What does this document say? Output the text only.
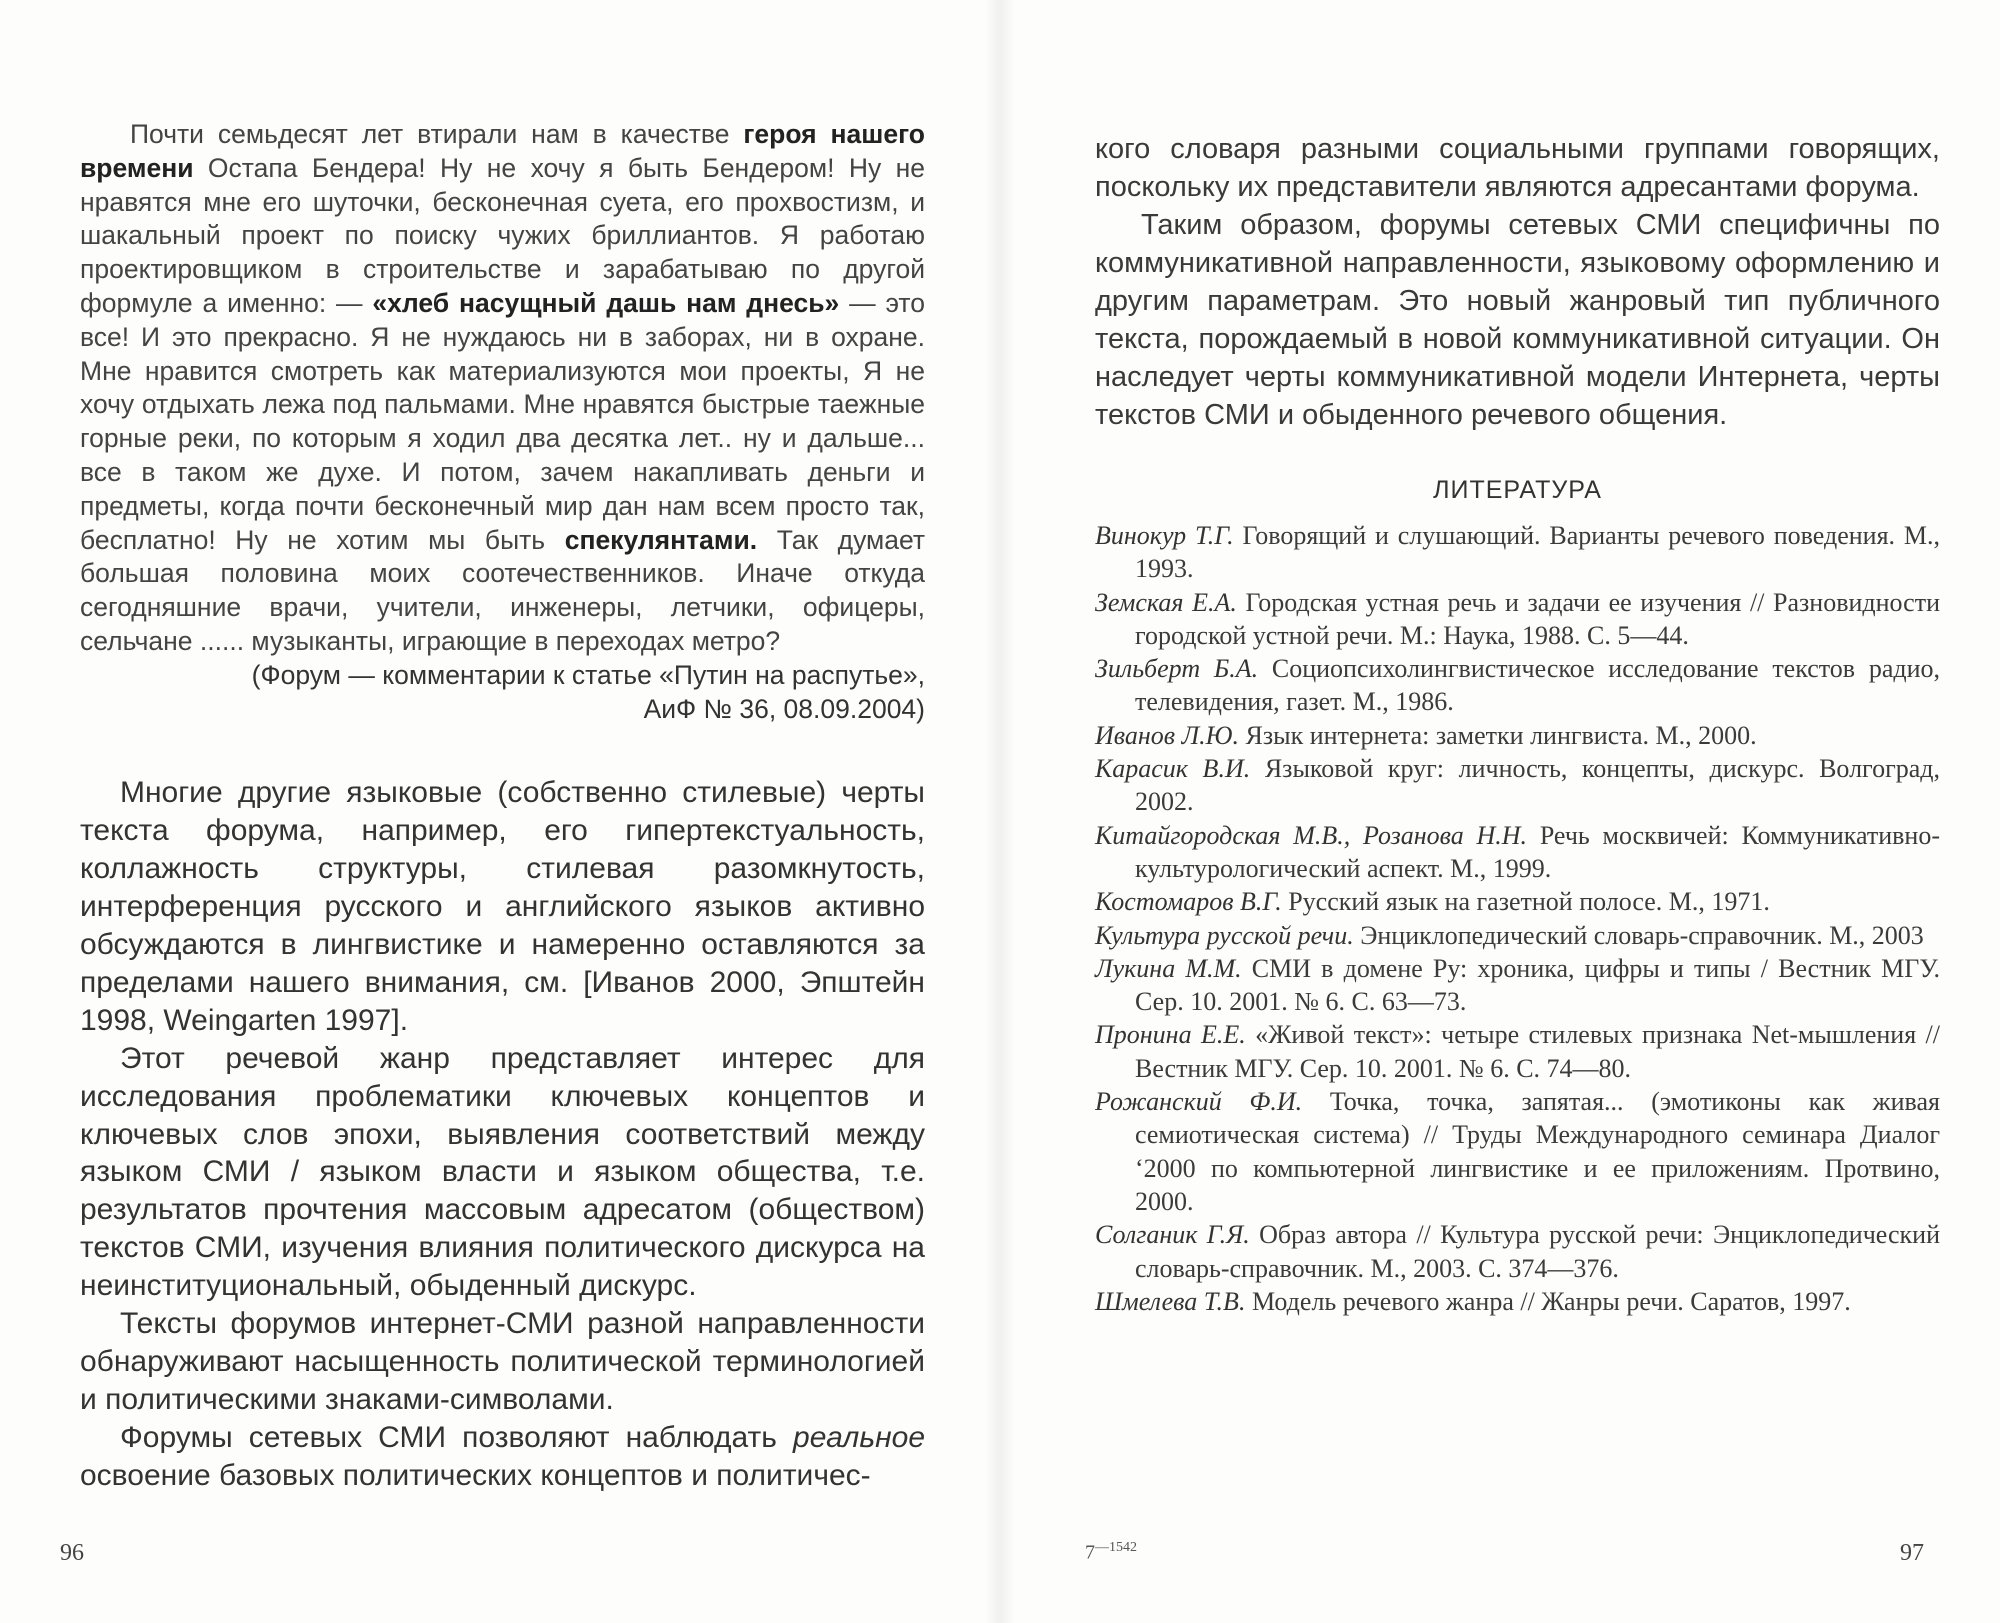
Почти семьдесят лет втирали нам в качестве героя нашего времени Остапа Бендера! Ну не хочу я быть Бендером! Ну не нравятся мне его шуточки, бесконечная суета, его прохвостизм, и шакальный проект по поиску чужих бриллиантов. Я работаю проектировщиком в строительстве и зарабатываю по другой формуле а именно: — «хлеб насущный дашь нам днесь» — это все! И это прекрасно. Я не нуждаюсь ни в заборах, ни в охране. Мне нравится смотреть как материализуются мои проекты, Я не хочу отдыхать лежа под пальмами. Мне нравятся быстрые таежные горные реки, по которым я ходил два десятка лет.. ну и дальше... все в таком же духе. И потом, зачем накапливать деньги и предметы, когда почти бесконечный мир дан нам всем просто так, бесплатно! Ну не хотим мы быть спекулянтами. Так думает большая половина моих соотечественников. Иначе откуда сегодняшние врачи, учители, инженеры, летчики, офицеры, сельчане ...... музыканты, играющие в переходах метро?

(Форум — комментарии к статье «Путин на распутье»,
АиФ № 36, 08.09.2004)

Многие другие языковые (собственно стилевые) черты текста форума, например, его гипертекстуальность, коллажность структуры, стилевая разомкнутость, интерференция русского и английского языков активно обсуждаются в лингвистике и намеренно оставляются за пределами нашего внимания, см. [Иванов 2000, Эпштейн 1998, Weingarten 1997].

Этот речевой жанр представляет интерес для исследования проблематики ключевых концептов и ключевых слов эпохи, выявления соответствий между языком СМИ / языком власти и языком общества, т.е. результатов прочтения массовым адресатом (обществом) текстов СМИ, изучения влияния политического дискурса на неинституциональный, обыденный дискурс.

Тексты форумов интернет-СМИ разной направленности обнаруживают насыщенность политической терминологией и политическими знаками-символами.

Форумы сетевых СМИ позволяют наблюдать реальное освоение базовых политических концептов и политичес-

96

кого словаря разными социальными группами говорящих, поскольку их представители являются адресантами форума.

Таким образом, форумы сетевых СМИ специфичны по коммуникативной направленности, языковому оформлению и другим параметрам. Это новый жанровый тип публичного текста, порождаемый в новой коммуникативной ситуации. Он наследует черты коммуникативной модели Интернета, черты текстов СМИ и обыденного речевого общения.

ЛИТЕРАТУРА
Винокур Т.Г. Говорящий и слушающий. Варианты речевого поведения. М., 1993.
Земская Е.А. Городская устная речь и задачи ее изучения // Разновидности городской устной речи. М.: Наука, 1988. С. 5—44.
Зильберт Б.А. Социопсихолингвистическое исследование текстов радио, телевидения, газет. М., 1986.
Иванов Л.Ю. Язык интернета: заметки лингвиста. М., 2000.
Карасик В.И. Языковой круг: личность, концепты, дискурс. Волгоград, 2002.
Китайгородская М.В., Розанова Н.Н. Речь москвичей: Коммуникативно-культурологический аспект. М., 1999.
Костомаров В.Г. Русский язык на газетной полосе. М., 1971.
Культура русской речи. Энциклопедический словарь-справочник. М., 2003
Лукина М.М. СМИ в домене Ру: хроника, цифры и типы / Вестник МГУ. Сер. 10. 2001. № 6. С. 63—73.
Пронина Е.Е. «Живой текст»: четыре стилевых признака Net-мышления // Вестник МГУ. Сер. 10. 2001. № 6. С. 74—80.
Рожанский Ф.И. Точка, точка, запятая... (эмотиконы как живая семиотическая система) // Труды Международного семинара Диалог ‘2000 по компьютерной лингвистике и ее приложениям. Протвино, 2000.
Солганик Г.Я. Образ автора // Культура русской речи: Энциклопедический словарь-справочник. М., 2003. С. 374—376.
Шмелева Т.В. Модель речевого жанра // Жанры речи. Саратов, 1997.
$7^{—1542}$	97
